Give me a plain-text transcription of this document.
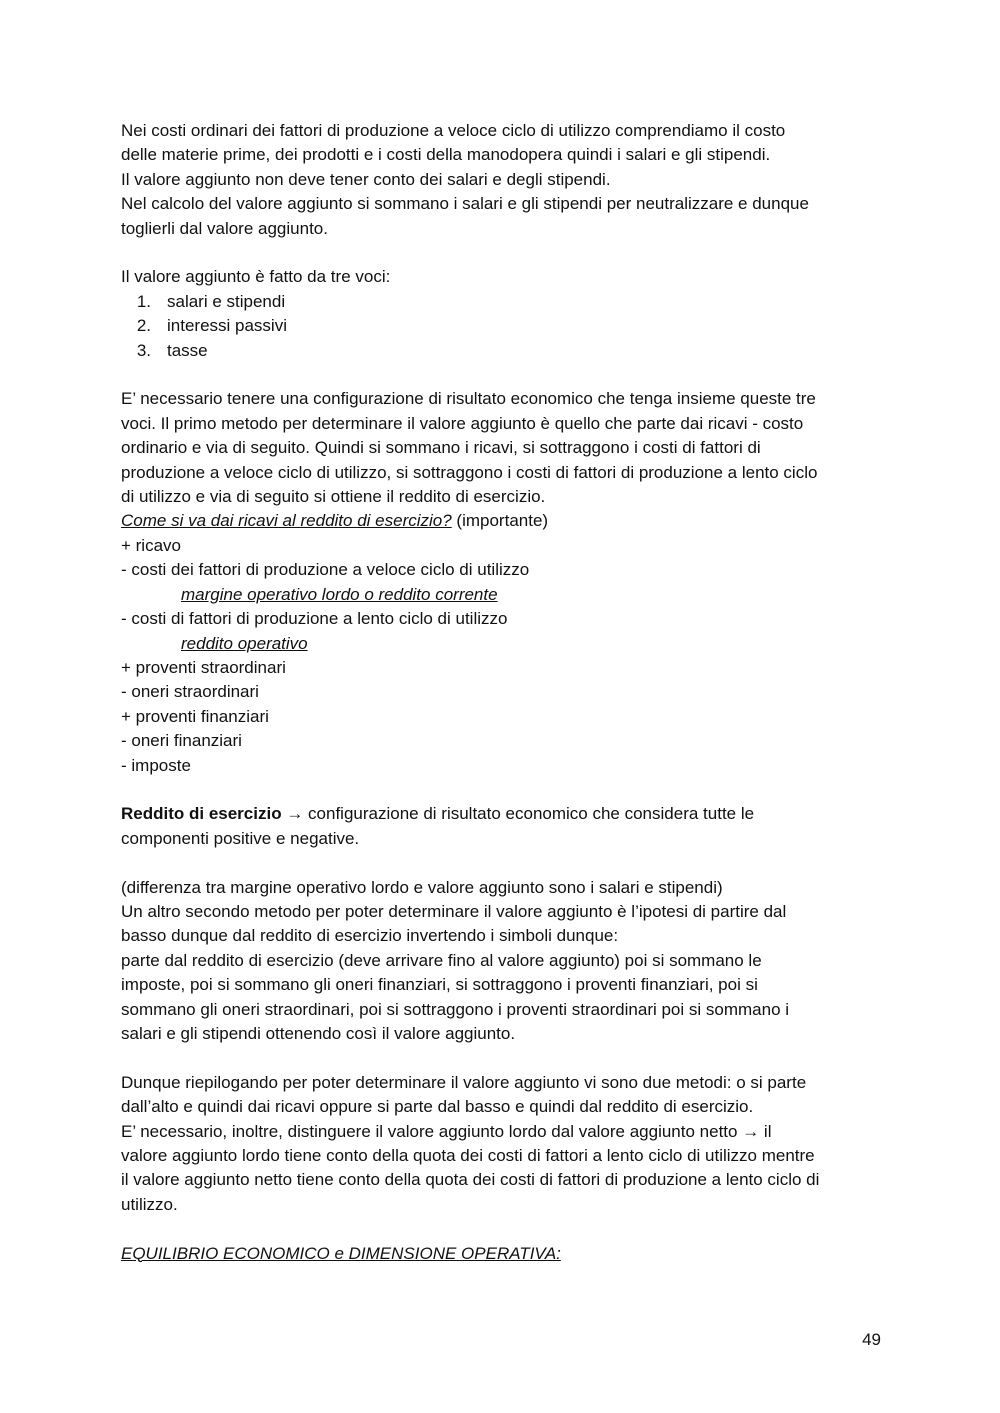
Nei costi ordinari dei fattori di produzione a veloce ciclo di utilizzo comprendiamo il costo

delle materie prime, dei prodotti e i costi della manodopera quindi i salari e gli stipendi.

Il valore aggiunto non deve tener conto dei salari e degli stipendi.

Nel calcolo del valore aggiunto si sommano i salari e gli stipendi per neutralizzare e dunque

toglierli dal valore aggiunto.

Il valore aggiunto è fatto da tre voci:

1. salari e stipendi
2. interessi passivi
3. tasse

E’ necessario tenere una configurazione di risultato economico che tenga insieme queste tre

voci. Il primo metodo per determinare il valore aggiunto è quello che parte dai ricavi - costo

ordinario e via di seguito. Quindi si sommano i ricavi, si sottraggono i costi di fattori di

produzione a veloce ciclo di utilizzo, si sottraggono i costi di fattori di produzione a lento ciclo

di utilizzo e via di seguito si ottiene il reddito di esercizio.

Come si va dai ricavi al reddito di esercizio? (importante)

+ ricavo

- costi dei fattori di produzione a veloce ciclo di utilizzo

margine operativo lordo o reddito corrente

- costi di fattori di produzione a lento ciclo di utilizzo

reddito operativo

+ proventi straordinari

- oneri straordinari

+ proventi finanziari

- oneri finanziari

- imposte

Reddito di esercizio → configurazione di risultato economico che considera tutte le

componenti positive e negative.

(differenza tra margine operativo lordo e valore aggiunto sono i salari e stipendi)

Un altro secondo metodo per poter determinare il valore aggiunto è l’ipotesi di partire dal

basso dunque dal reddito di esercizio invertendo i simboli dunque:

parte dal reddito di esercizio (deve arrivare fino al valore aggiunto) poi si sommano le

imposte, poi si sommano gli oneri finanziari, si sottraggono i proventi finanziari, poi si

sommano gli oneri straordinari, poi si sottraggono i proventi straordinari poi si sommano i

salari e gli stipendi ottenendo così il valore aggiunto.

Dunque riepilogando per poter determinare il valore aggiunto vi sono due metodi: o si parte

dall’alto e quindi dai ricavi oppure si parte dal basso e quindi dal reddito di esercizio.

E’ necessario, inoltre, distinguere il valore aggiunto lordo dal valore aggiunto netto → il

valore aggiunto lordo tiene conto della quota dei costi di fattori a lento ciclo di utilizzo mentre

il valore aggiunto netto tiene conto della quota dei costi di fattori di produzione a lento ciclo di

utilizzo.

EQUILIBRIO ECONOMICO e DIMENSIONE OPERATIVA:

49
